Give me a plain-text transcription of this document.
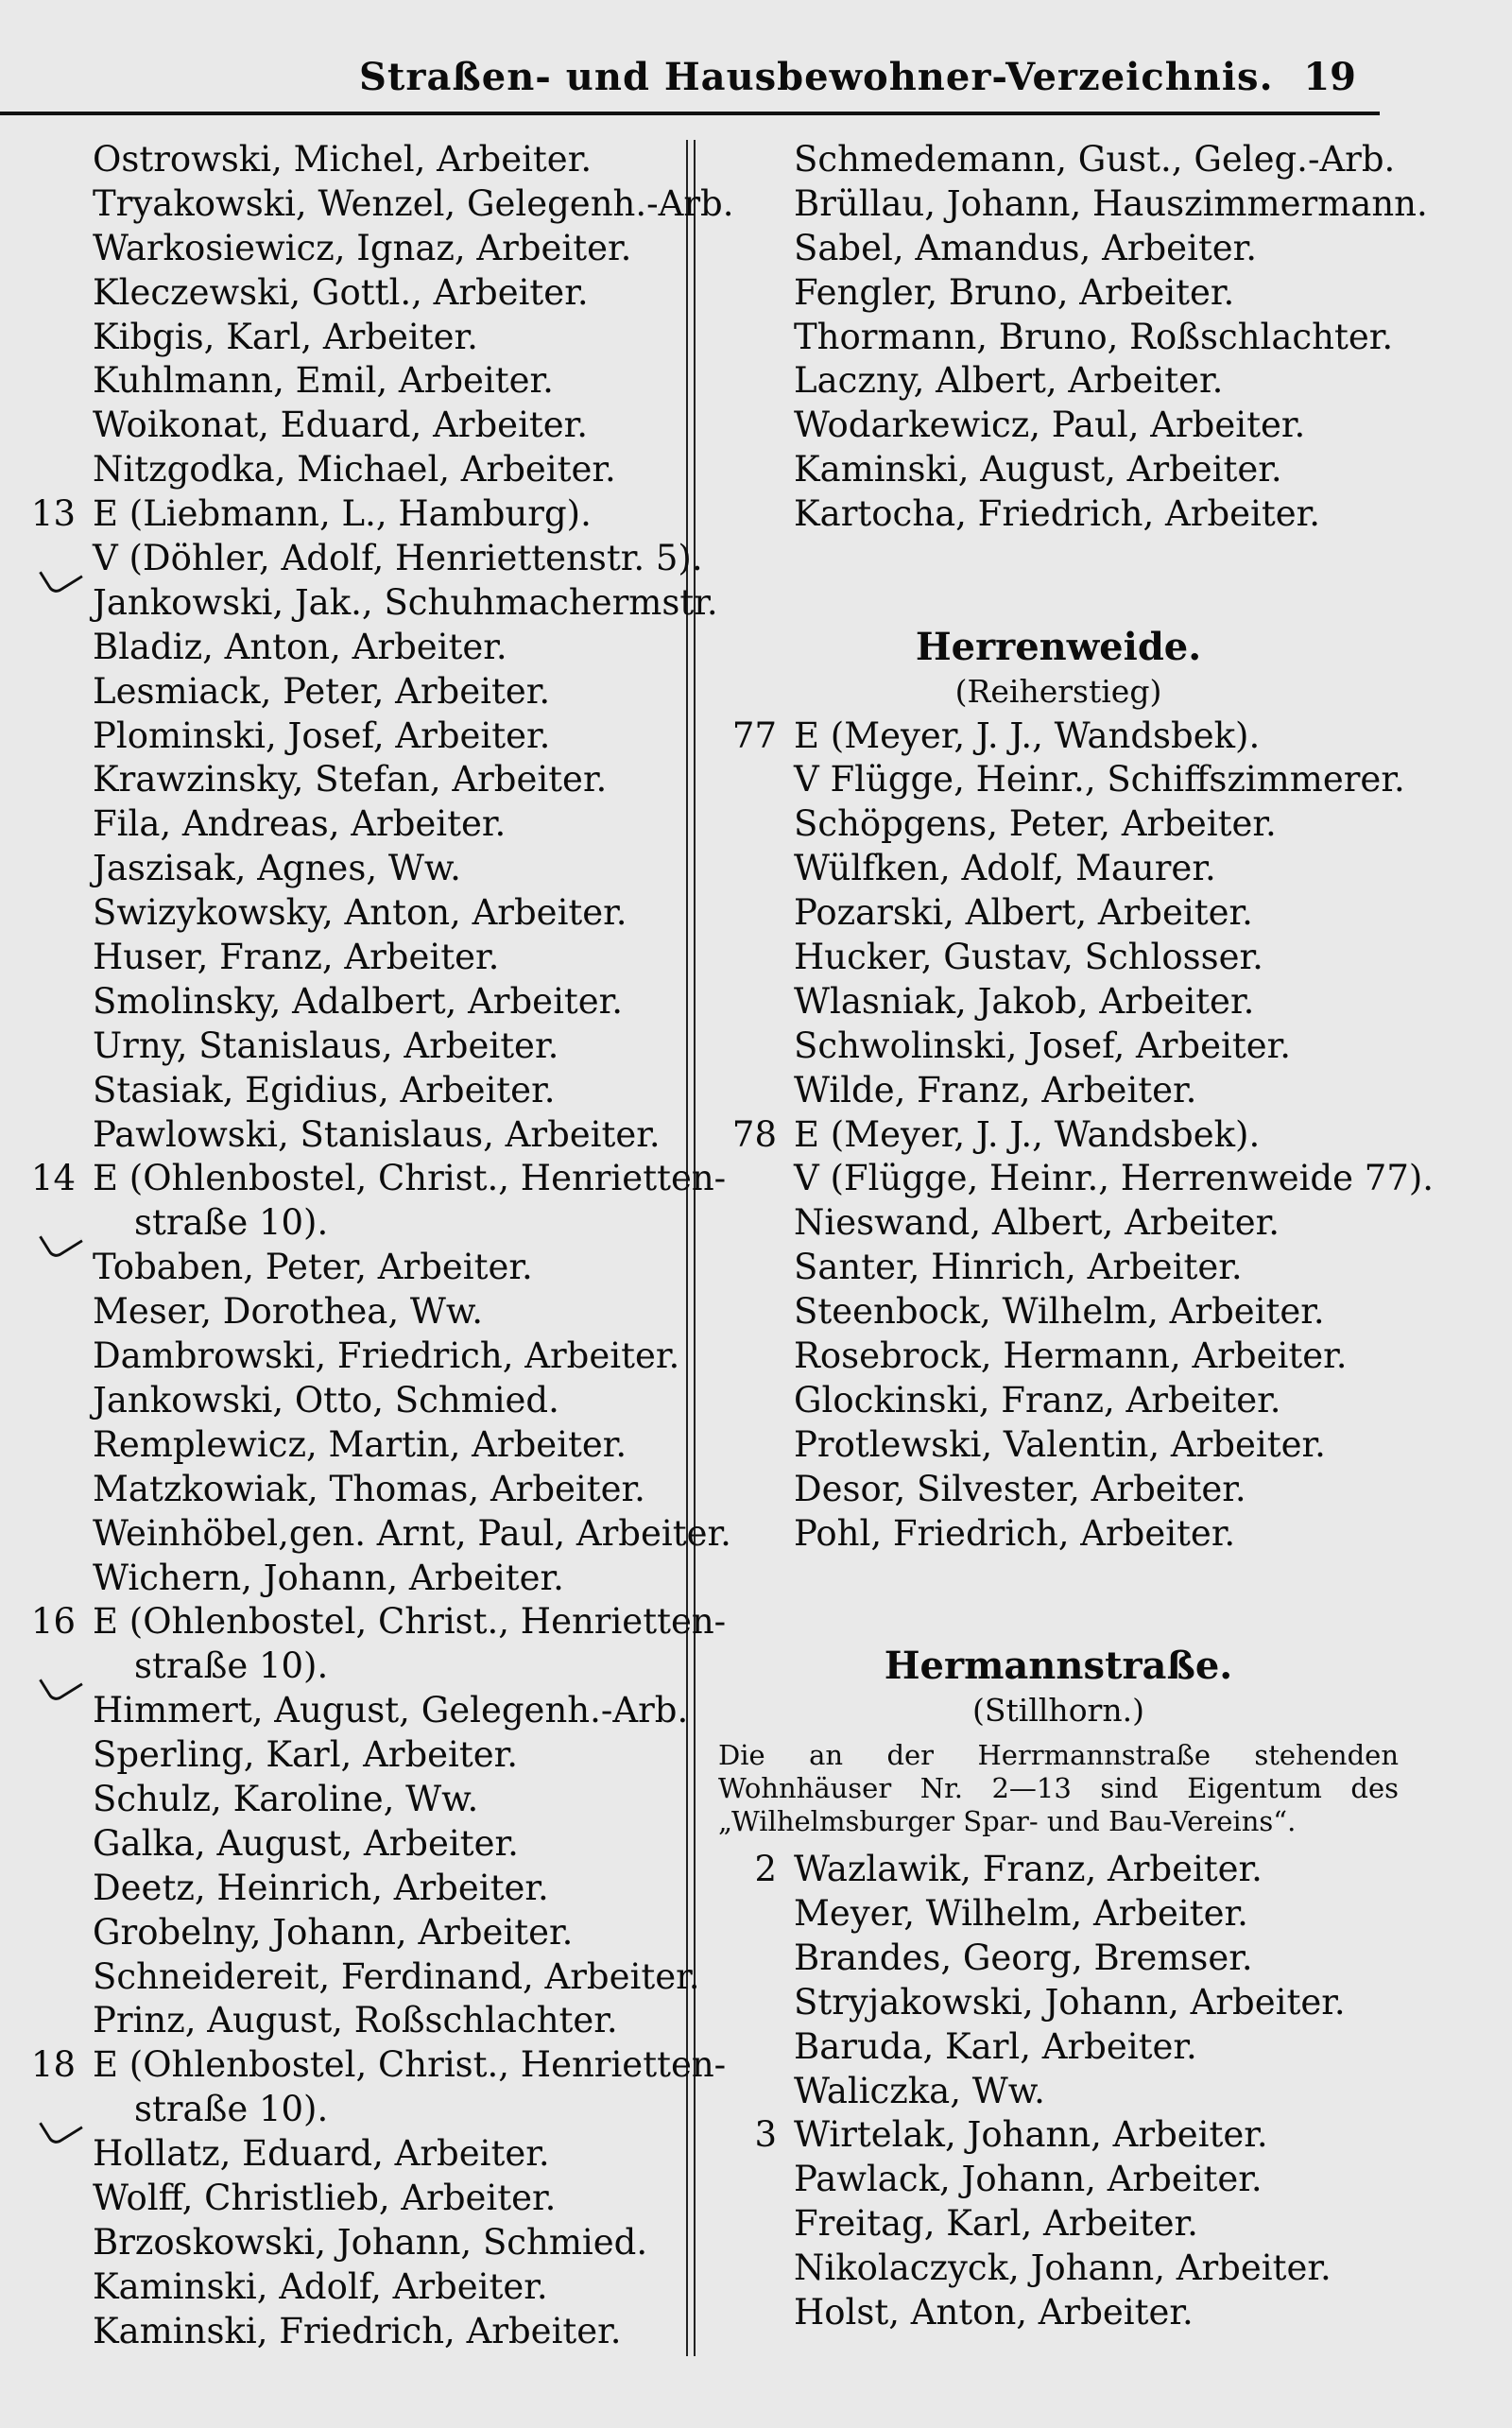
Straßen- und Hausbewohner-Verzeichnis. 19
Ostrowski, Michel, Arbeiter.
Tryakowski, Wenzel, Gelegenh.-Arb.
Warkosiewicz, Ignaz, Arbeiter.
Kleczewski, Gottl., Arbeiter.
Kibgis, Karl, Arbeiter.
Kuhlmann, Emil, Arbeiter.
Woikonat, Eduard, Arbeiter.
Nitzgodka, Michael, Arbeiter.
13 E (Liebmann, L., Hamburg).
V (Döhler, Adolf, Henriettenstr. 5).
Jankowski, Jak., Schuhmachermstr.
Bladiz, Anton, Arbeiter.
Lesmiack, Peter, Arbeiter.
Plominski, Josef, Arbeiter.
Krawzinsky, Stefan, Arbeiter.
Fila, Andreas, Arbeiter.
Jaszisak, Agnes, Ww.
Swizykowsky, Anton, Arbeiter.
Huser, Franz, Arbeiter.
Smolinsky, Adalbert, Arbeiter.
Urny, Stanislaus, Arbeiter.
Stasiak, Egidius, Arbeiter.
Pawlowski, Stanislaus, Arbeiter.
14 E (Ohlenbostel, Christ., Henrietten-
straße 10).
Tobaben, Peter, Arbeiter.
Meser, Dorothea, Ww.
Dambrowski, Friedrich, Arbeiter.
Jankowski, Otto, Schmied.
Remplewicz, Martin, Arbeiter.
Matzkowiak, Thomas, Arbeiter.
Weinhöbel,gen. Arnt, Paul, Arbeiter.
Wichern, Johann, Arbeiter.
16 E (Ohlenbostel, Christ., Henrietten-
straße 10).
Himmert, August, Gelegenh.-Arb.
Sperling, Karl, Arbeiter.
Schulz, Karoline, Ww.
Galka, August, Arbeiter.
Deetz, Heinrich, Arbeiter.
Grobelny, Johann, Arbeiter.
Schneidereit, Ferdinand, Arbeiter.
Prinz, August, Roßschlachter.
18 E (Ohlenbostel, Christ., Henrietten-
straße 10).
Hollatz, Eduard, Arbeiter.
Wolff, Christlieb, Arbeiter.
Brzoskowski, Johann, Schmied.
Kaminski, Adolf, Arbeiter.
Kaminski, Friedrich, Arbeiter.
Schmedemann, Gust., Geleg.-Arb.
Brüllau, Johann, Hauszimmermann.
Sabel, Amandus, Arbeiter.
Fengler, Bruno, Arbeiter.
Thormann, Bruno, Roßschlachter.
Laczny, Albert, Arbeiter.
Wodarkewicz, Paul, Arbeiter.
Kaminski, August, Arbeiter.
Kartocha, Friedrich, Arbeiter.
Herrenweide.
(Reiherstieg)
77 E (Meyer, J. J., Wandsbek).
V Flügge, Heinr., Schiffszimmerer.
Schöpgens, Peter, Arbeiter.
Wülfken, Adolf, Maurer.
Pozarski, Albert, Arbeiter.
Hucker, Gustav, Schlosser.
Wlasniak, Jakob, Arbeiter.
Schwolinski, Josef, Arbeiter.
Wilde, Franz, Arbeiter.
78 E (Meyer, J. J., Wandsbek).
V (Flügge, Heinr., Herrenweide 77).
Nieswand, Albert, Arbeiter.
Santer, Hinrich, Arbeiter.
Steenbock, Wilhelm, Arbeiter.
Rosebrock, Hermann, Arbeiter.
Glockinski, Franz, Arbeiter.
Protlewski, Valentin, Arbeiter.
Desor, Silvester, Arbeiter.
Pohl, Friedrich, Arbeiter.
Hermannstraße.
(Stillhorn.)
Die an der Herrmannstraße stehenden Wohnhäuser Nr. 2—13 sind Eigentum des „Wilhelmsburger Spar- und Bau-Vereins“.
2 Wazlawik, Franz, Arbeiter.
Meyer, Wilhelm, Arbeiter.
Brandes, Georg, Bremser.
Stryjakowski, Johann, Arbeiter.
Baruda, Karl, Arbeiter.
Waliczka, Ww.
3 Wirtelak, Johann, Arbeiter.
Pawlack, Johann, Arbeiter.
Freitag, Karl, Arbeiter.
Nikolaczyck, Johann, Arbeiter.
Holst, Anton, Arbeiter.
